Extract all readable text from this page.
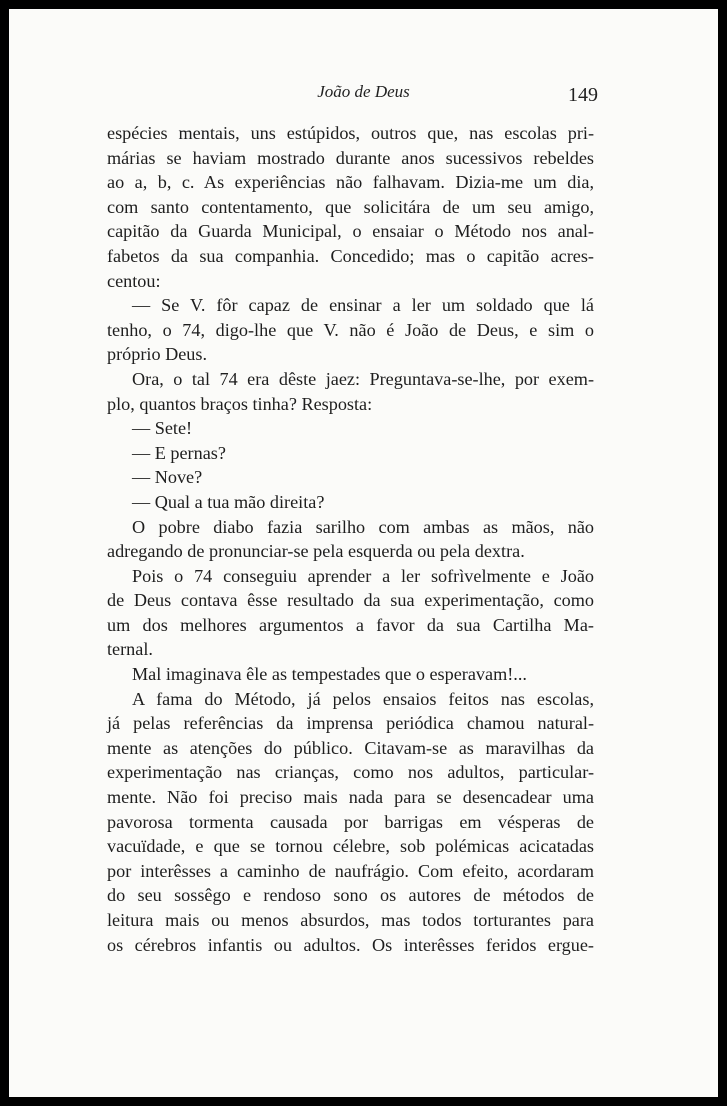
João de Deus	149
espécies mentais, uns estúpidos, outros que, nas escolas pri-
márias se haviam mostrado durante anos sucessivos rebeldes
ao a, b, c. As experiências não falhavam. Dizia-me um dia,
com santo contentamento, que solicitára de um seu amigo,
capitão da Guarda Municipal, o ensaiar o Método nos anal-
fabetos da sua companhia. Concedido; mas o capitão acres-
centou:
— Se V. fôr capaz de ensinar a ler um soldado que lá
tenho, o 74, digo-lhe que V. não é João de Deus, e sim o
próprio Deus.
Ora, o tal 74 era dêste jaez: Preguntava-se-lhe, por exem-
plo, quantos braços tinha? Resposta:
— Sete!
— E pernas?
— Nove?
— Qual a tua mão direita?
O pobre diabo fazia sarilho com ambas as mãos, não
adregando de pronunciar-se pela esquerda ou pela dextra.
Pois o 74 conseguiu aprender a ler sofrìvelmente e João
de Deus contava êsse resultado da sua experimentação, como
um dos melhores argumentos a favor da sua Cartilha Ma-
ternal.
Mal imaginava êle as tempestades que o esperavam!...
A fama do Método, já pelos ensaios feitos nas escolas,
já pelas referências da imprensa periódica chamou natural-
mente as atenções do público. Citavam-se as maravilhas da
experimentação nas crianças, como nos adultos, particular-
mente. Não foi preciso mais nada para se desencadear uma
pavorosa tormenta causada por barrigas em vésperas de
vacuïdade, e que se tornou célebre, sob polémicas acicatadas
por interêsses a caminho de naufrágio. Com efeito, acordaram
do seu sossêgo e rendoso sono os autores de métodos de
leitura mais ou menos absurdos, mas todos torturantes para
os cérebros infantis ou adultos. Os interêsses feridos ergue-
